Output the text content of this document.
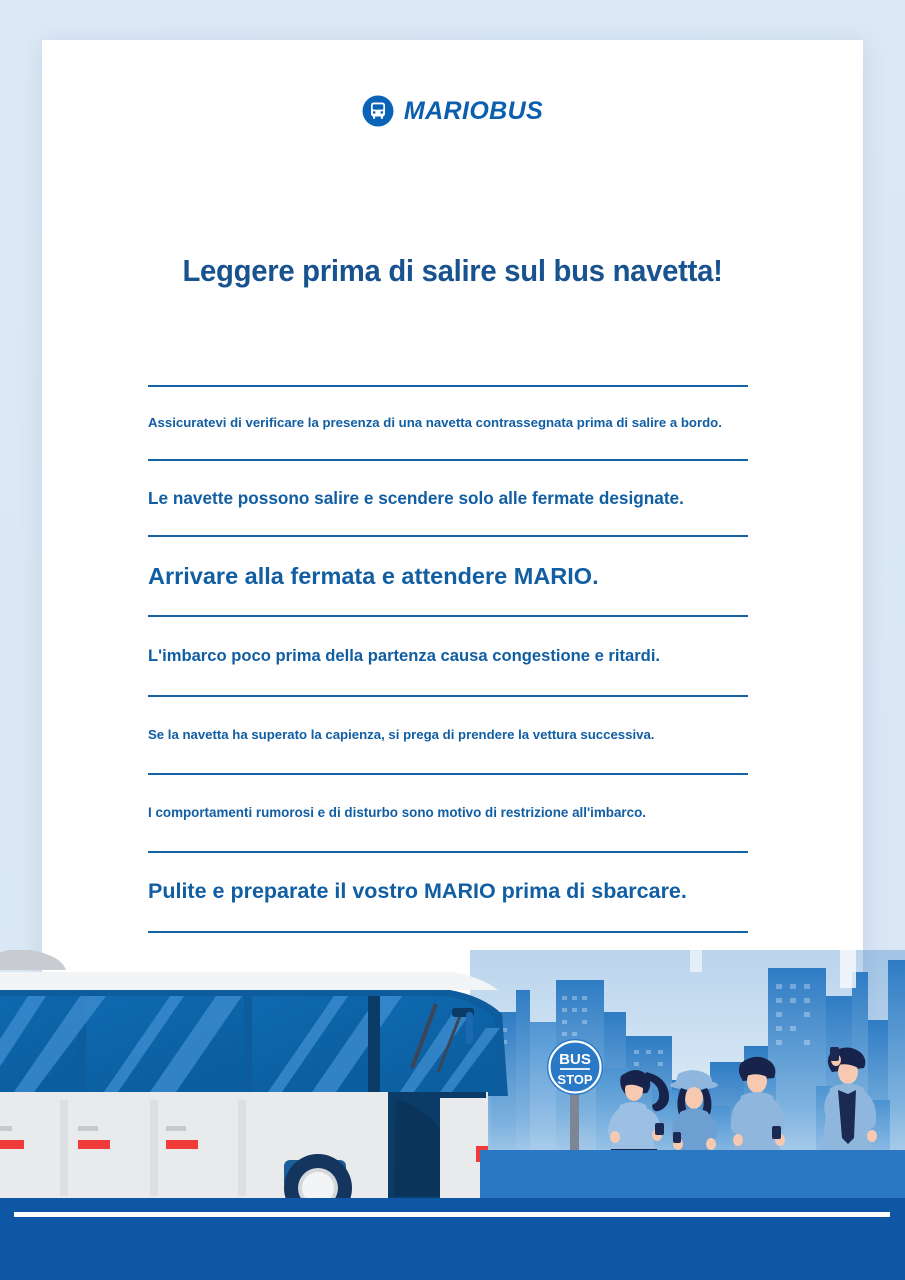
MARIOBUS
Leggere prima di salire sul bus navetta!
Assicuratevi di verificare la presenza di una navetta contrassegnata prima di salire a bordo.
Le navette possono salire e scendere solo alle fermate designate.
Arrivare alla fermata e attendere MARIO.
L'imbarco poco prima della partenza causa congestione e ritardi.
Se la navetta ha superato la capienza, si prega di prendere la vettura successiva.
I comportamenti rumorosi e di disturbo sono motivo di restrizione all'imbarco.
Pulite e preparate il vostro MARIO prima di sbarcare.
BUS
STOP
